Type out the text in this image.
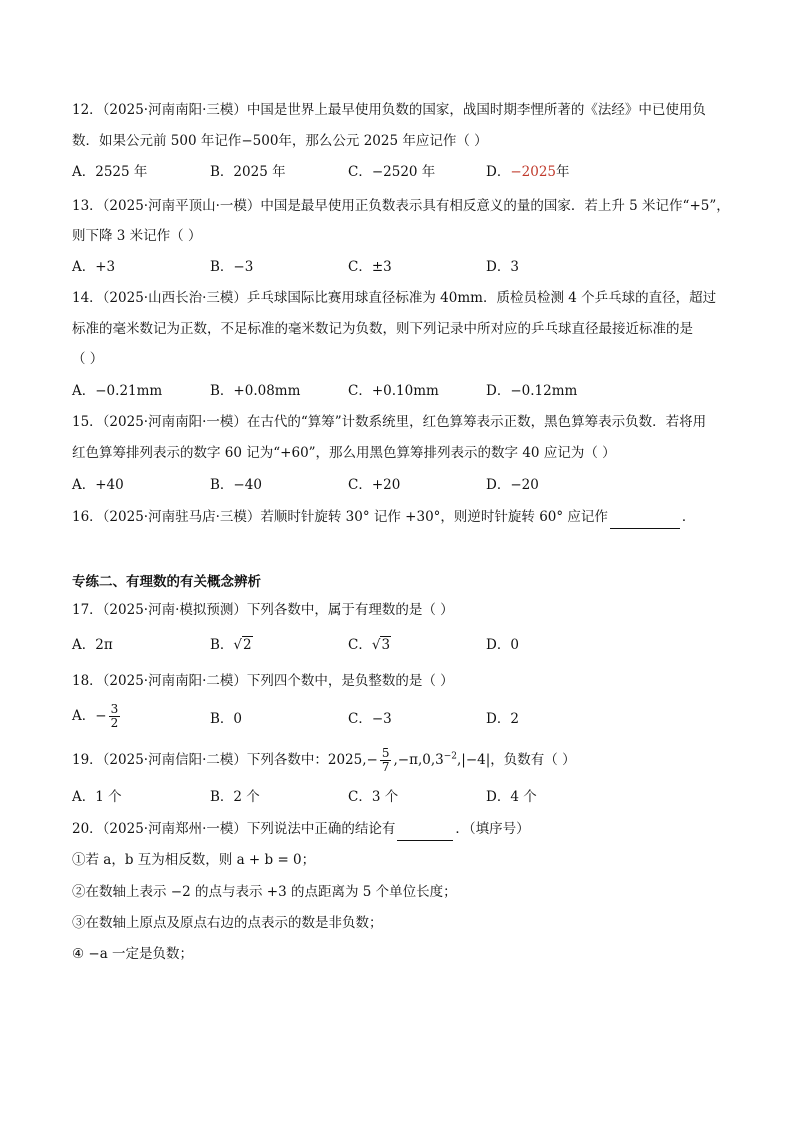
12．（2025·河南南阳·三模）中国是世界上最早使用负数的国家，战国时期李悝所著的《法经》中已使用负
数．如果公元前 500 年记作−500年，那么公元 2025 年应记作（ ）
A．2525 年	B．2025 年	C．−2520 年	D．−2025年
13．（2025·河南平顶山·一模）中国是最早使用正负数表示具有相反意义的量的国家．若上升 5 米记作“+5”，
则下降 3 米记作（ ）
A．+3	B．−3	C．±3	D．3
14．（2025·山西长治·三模）乒乓球国际比赛用球直径标准为 40mm．质检员检测 4 个乒乓球的直径，超过
标准的毫米数记为正数，不足标准的毫米数记为负数，则下列记录中所对应的乒乓球直径最接近标准的是
（ ）
A．−0.21mm	B．+0.08mm	C．+0.10mm	D．−0.12mm
15．（2025·河南南阳·一模）在古代的“算筹”计数系统里，红色算筹表示正数，黑色算筹表示负数．若将用
红色算筹排列表示的数字 60 记为“+60”，那么用黑色算筹排列表示的数字 40 应记为（ ）
A．+40	B．−40	C．+20	D．−20
16．（2025·河南驻马店·三模）若顺时针旋转 30° 记作 +30°，则逆时针旋转 60° 应记作	．
专练二、有理数的有关概念辨析
17．（2025·河南·模拟预测）下列各数中，属于有理数的是（ ）
A．2π	B．√2	C．√3	D．0
18．（2025·河南南阳·二模）下列四个数中，是负整数的是（ ）
A．− $\frac{3}{2}$	B．0	C．−3	D．2
19．（2025·河南信阳·二模）下列各数中：$2025,- \frac{5}{7} ,-\pi,0,3^{-2},|-4|$，负数有（ ）
A．1 个	B．2 个	C．3 个	D．4 个
20．（2025·河南郑州·一模）下列说法中正确的结论有	．（填序号）
①若 a，b 互为相反数，则 a + b = 0；
②在数轴上表示 −2 的点与表示 +3 的点距离为 5 个单位长度；
③在数轴上原点及原点右边的点表示的数是非负数；
④ −a 一定是负数；
